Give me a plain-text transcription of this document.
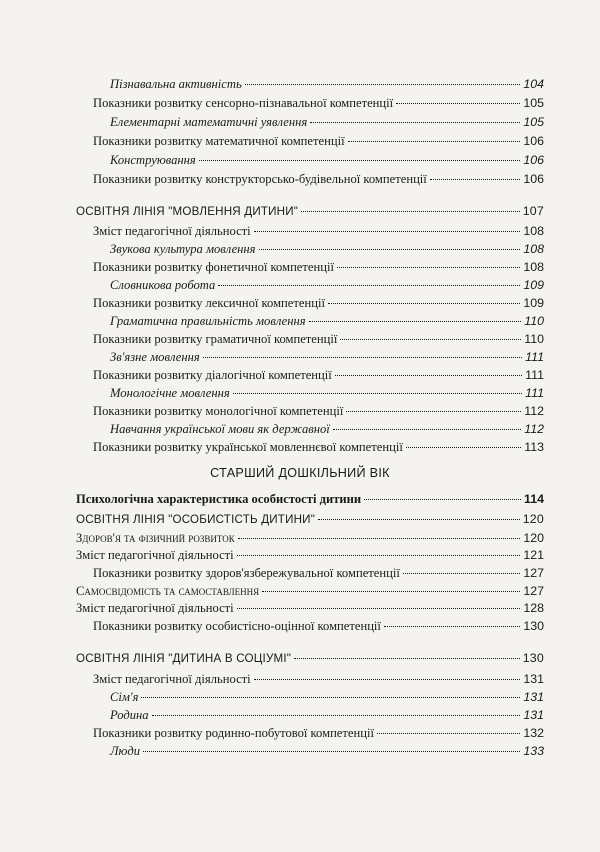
Пізнавальна активність	104
Показники розвитку сенсорно-пізнавальної компетенції	105
Елементарні математичні уявлення	105
Показники розвитку математичної компетенції	106
Конструювання	106
Показники розвитку конструкторсько-будівельної компетенції	106
ОСВІТНЯ ЛІНІЯ "МОВЛЕННЯ ДИТИНИ"	107
Зміст педагогічної діяльності	108
Звукова культура мовлення	108
Показники розвитку фонетичної компетенції	108
Словникова робота	109
Показники розвитку лексичної компетенції	109
Граматична правильність мовлення	110
Показники розвитку граматичної компетенції	110
Зв'язне мовлення	111
Показники розвитку діалогічної компетенції	111
Монологічне мовлення	111
Показники розвитку монологічної компетенції	112
Навчання української мови як державної	112
Показники розвитку української мовленнєвої компетенції	113
СТАРШИЙ ДОШКІЛЬНИЙ ВІК
Психологічна характеристика особистості дитини	114
ОСВІТНЯ ЛІНІЯ "ОСОБИСТІСТЬ ДИТИНИ"	120
Здоров'я та фізичний розвиток	120
Зміст педагогічної діяльності	121
Показники розвитку здоров'язбережувальної компетенції	127
Самосвідомість та самоставлення	127
Зміст педагогічної діяльності	128
Показники розвитку особистісно-оцінної компетенції	130
ОСВІТНЯ ЛІНІЯ "ДИТИНА В СОЦІУМІ"	130
Зміст педагогічної діяльності	131
Сім'я	131
Родина	131
Показники розвитку родинно-побутової компетенції	132
Люди	133
